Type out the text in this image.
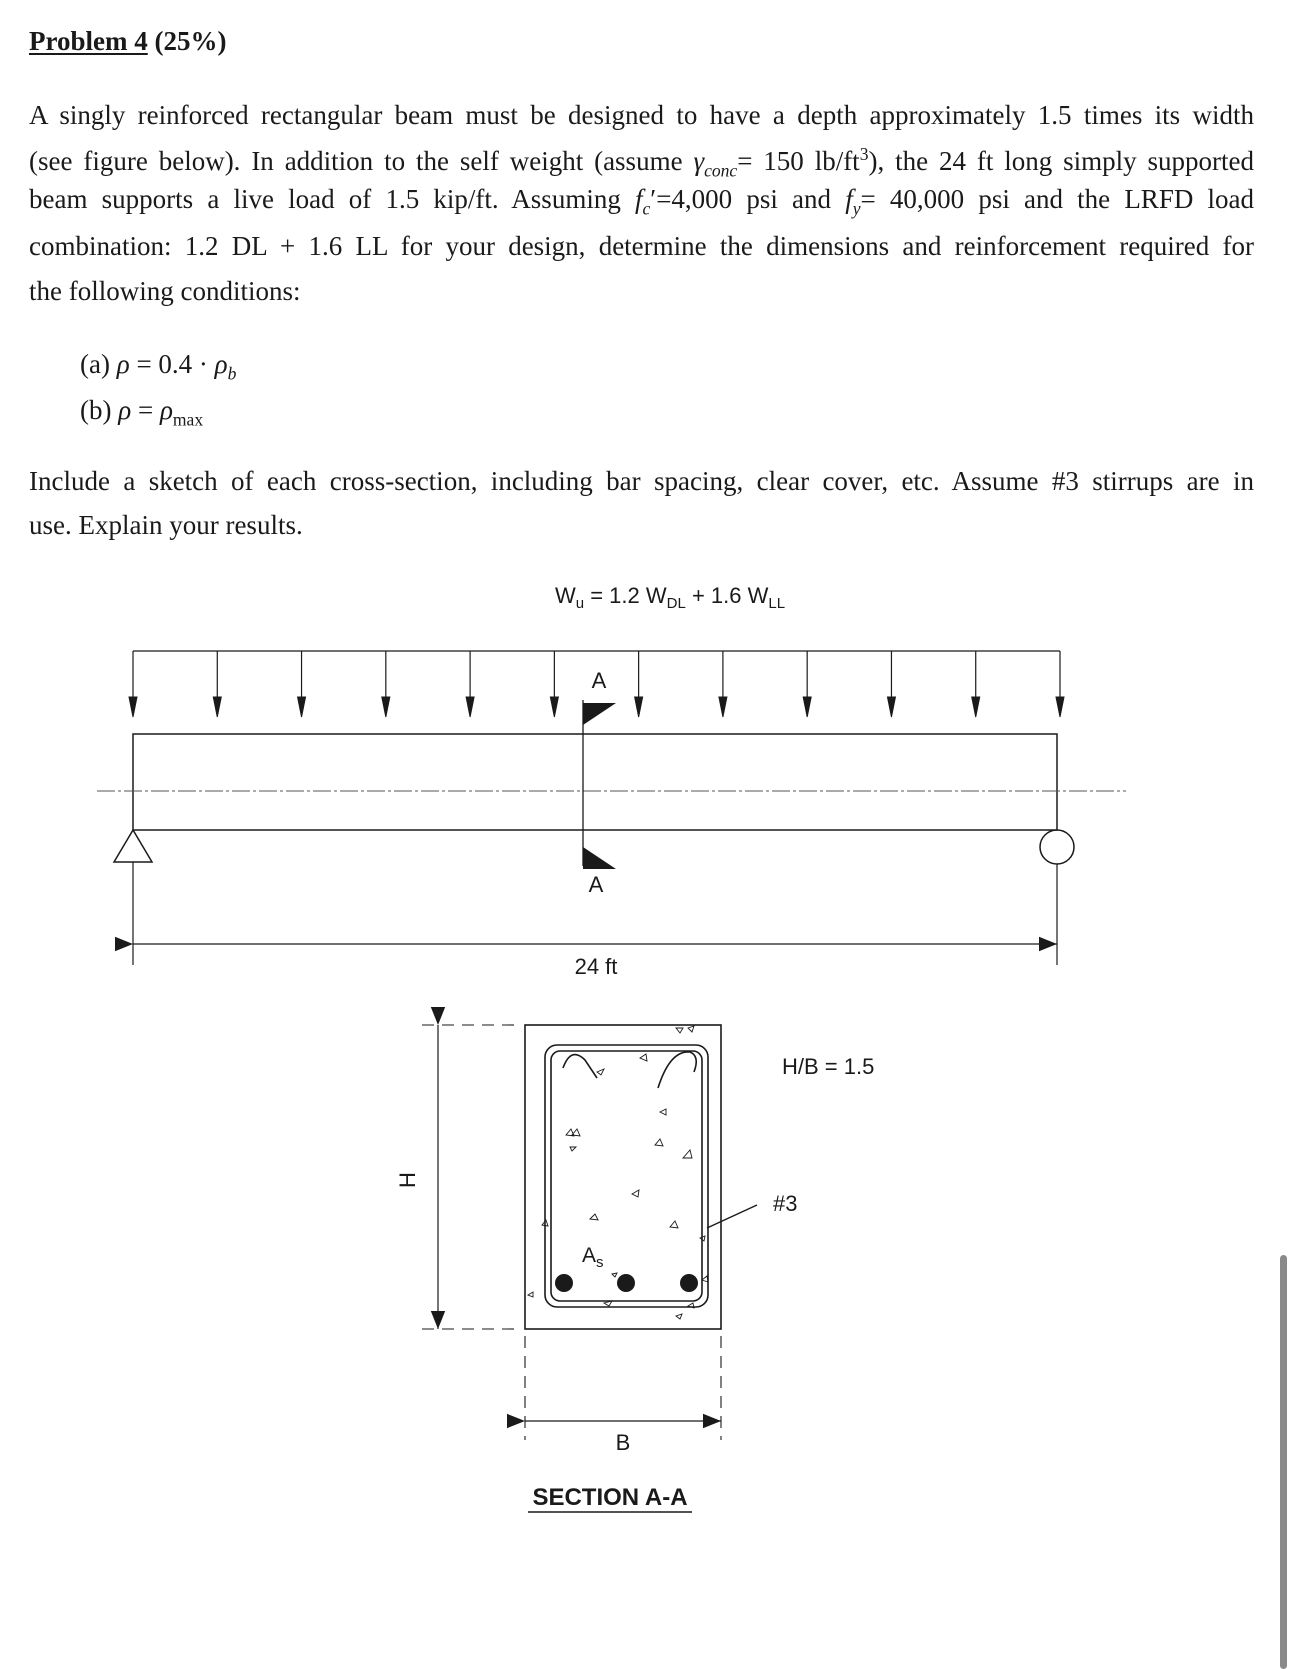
Problem 4 (25%)
A singly reinforced rectangular beam must be designed to have a depth approximately 1.5 times its width
(see figure below). In addition to the self weight (assume $\gamma_{conc}= 150$ $lb/ft^3$), the 24 ft long simply supported
beam supports a live load of 1.5 kip/ft. Assuming $f_c'=4,000$ psi and $f_y= 40,000$ psi and the LRFD load
combination: 1.2 DL + 1.6 LL for your design, determine the dimensions and reinforcement required for
the following conditions:
(a) $\rho = 0.4 \cdot \rho_b$
(b) $\rho = \rho_{max}$
Include a sketch of each cross-section, including bar spacing, clear cover, etc. Assume #3 stirrups are in
use. Explain your results.
$W_u = 1.2$ $W_{DL} + 1.6$ $W_{LL}$
A
A
24 ft
H
B
$A_s$
H/B = 1.5
#3
SECTION A-A
